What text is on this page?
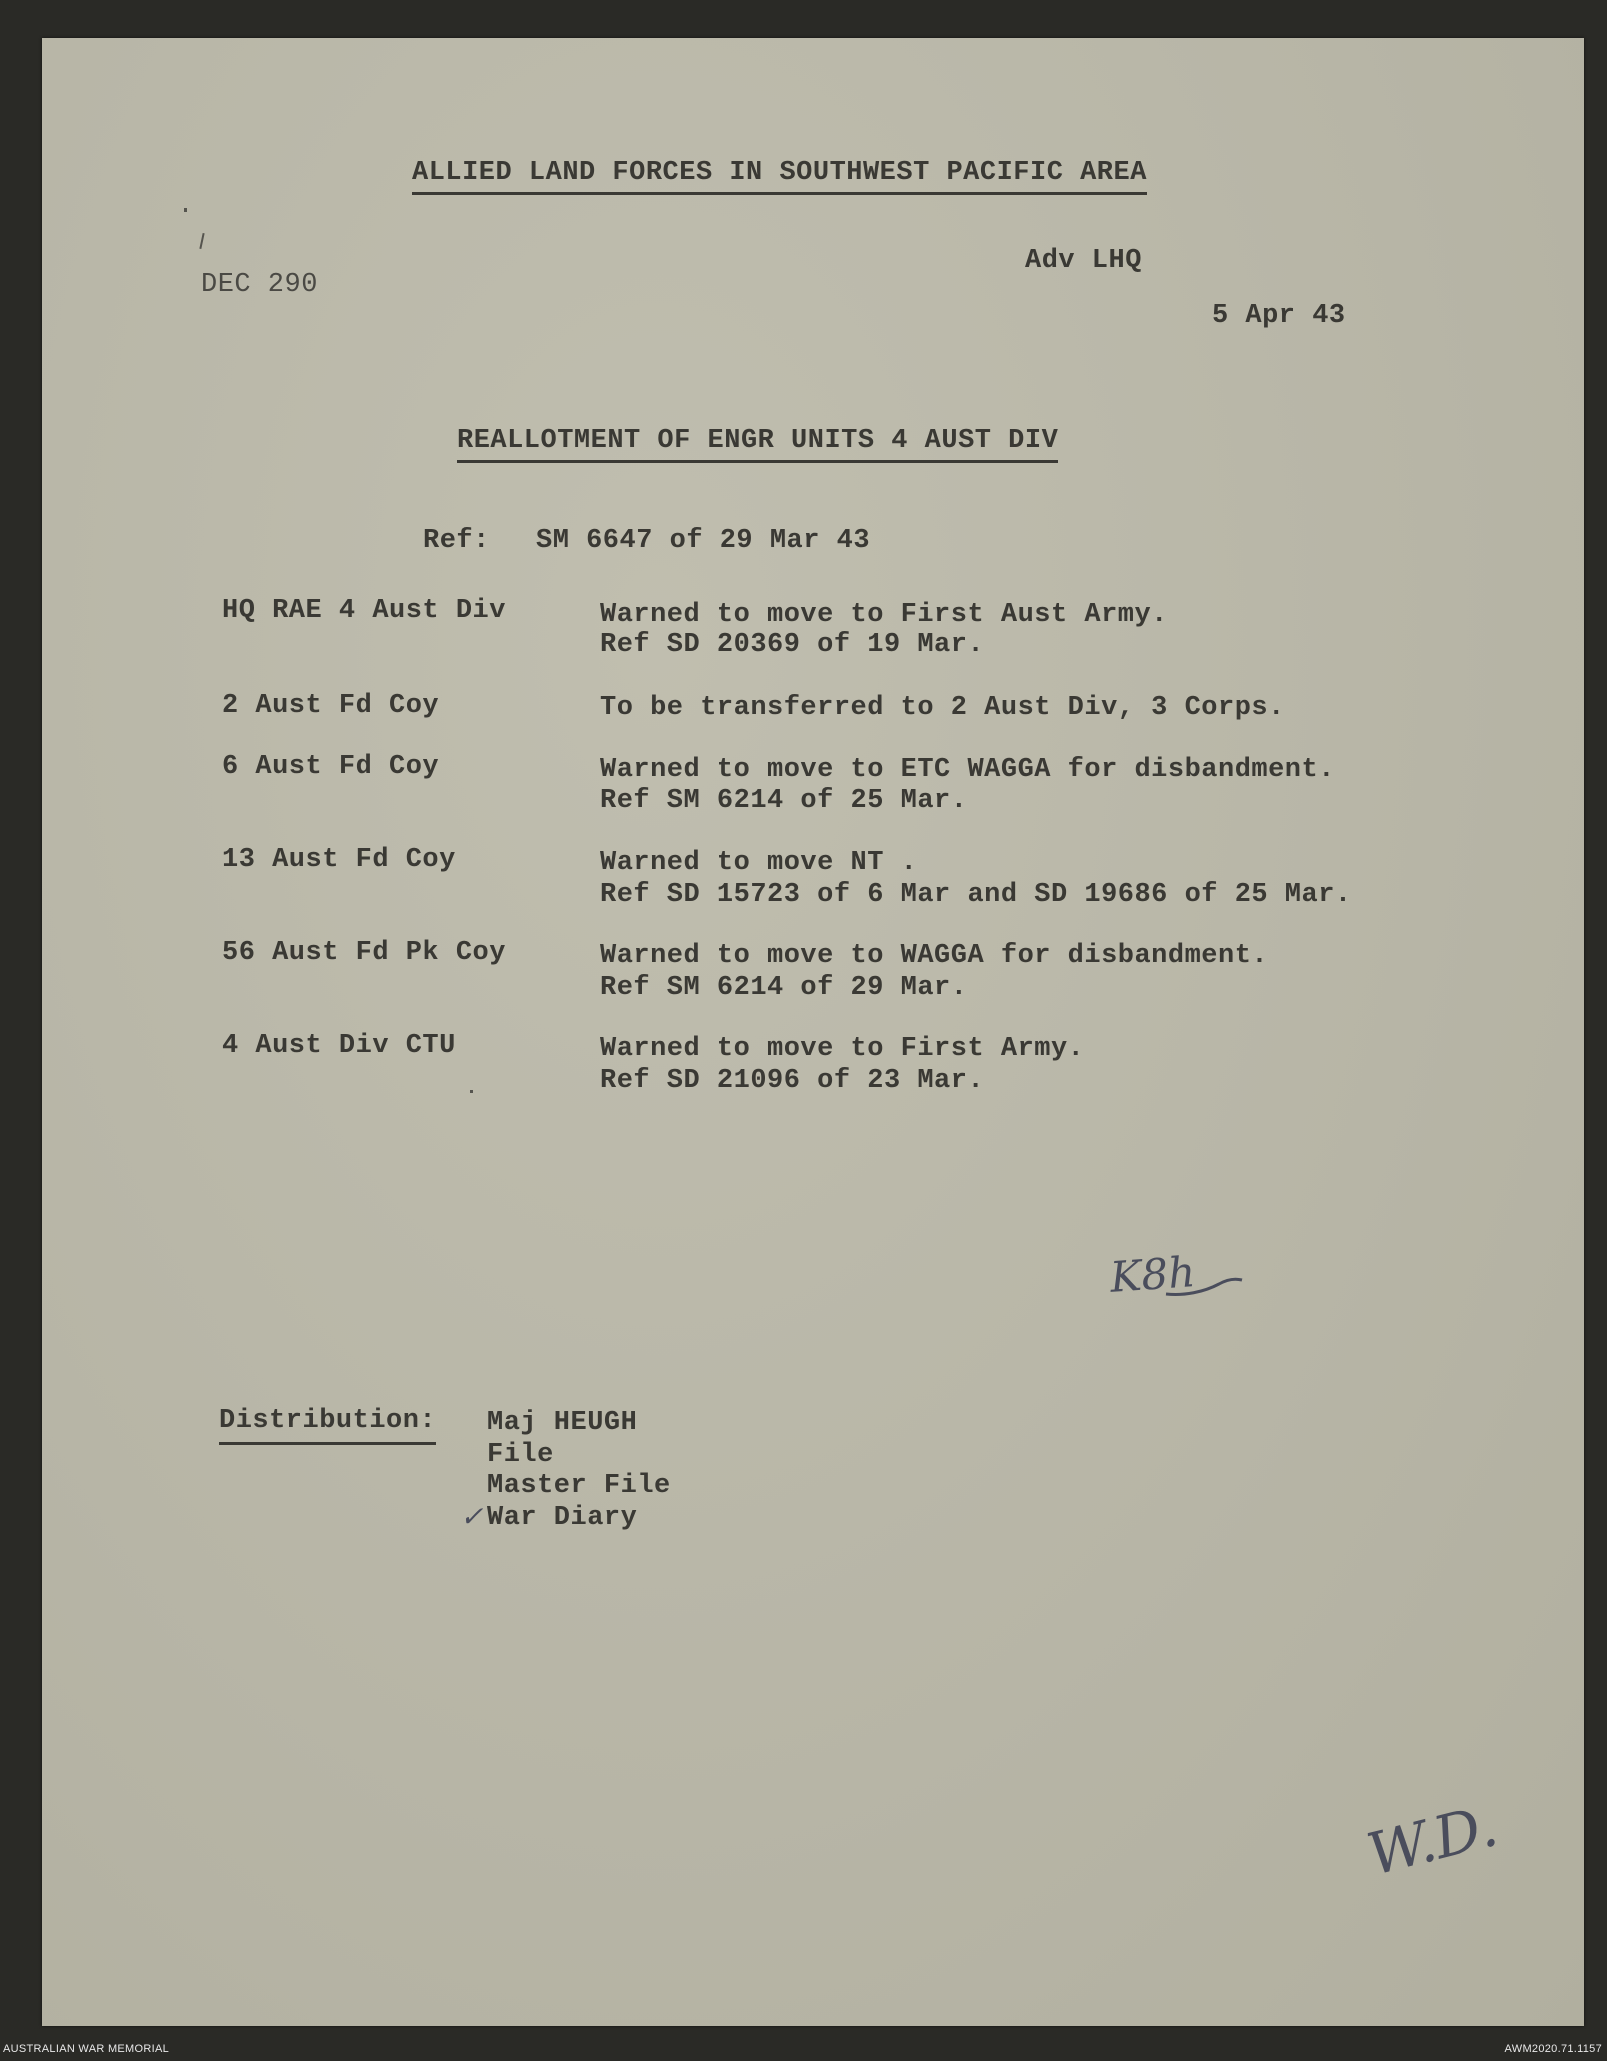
ALLIED LAND FORCES IN SOUTHWEST PACIFIC AREA
DEC 290
Adv LHQ
5 Apr 43
REALLOTMENT OF ENGR UNITS 4 AUST DIV
Ref: SM 6647 of 29 Mar 43
HQ RAE 4 Aust Div	Warned to move to First Aust Army.
Ref SD 20369 of 19 Mar.
2 Aust Fd Coy	To be transferred to 2 Aust Div, 3 Corps.
6 Aust Fd Coy	Warned to move to ETC WAGGA for disbandment.
Ref SM 6214 of 25 Mar.
13 Aust Fd Coy	Warned to move NT .
Ref SD 15723 of 6 Mar and SD 19686 of 25 Mar.
56 Aust Fd Pk Coy	Warned to move to WAGGA for disbandment.
Ref SM 6214 of 29 Mar.
4 Aust Div CTU	Warned to move to First Army.
Ref SD 21096 of 23 Mar.
K8h
Distribution: Maj HEUGH
File
Master File
✓ War Diary
W.D.
AUSTRALIAN WAR MEMORIAL	AWM2020.71.1157
